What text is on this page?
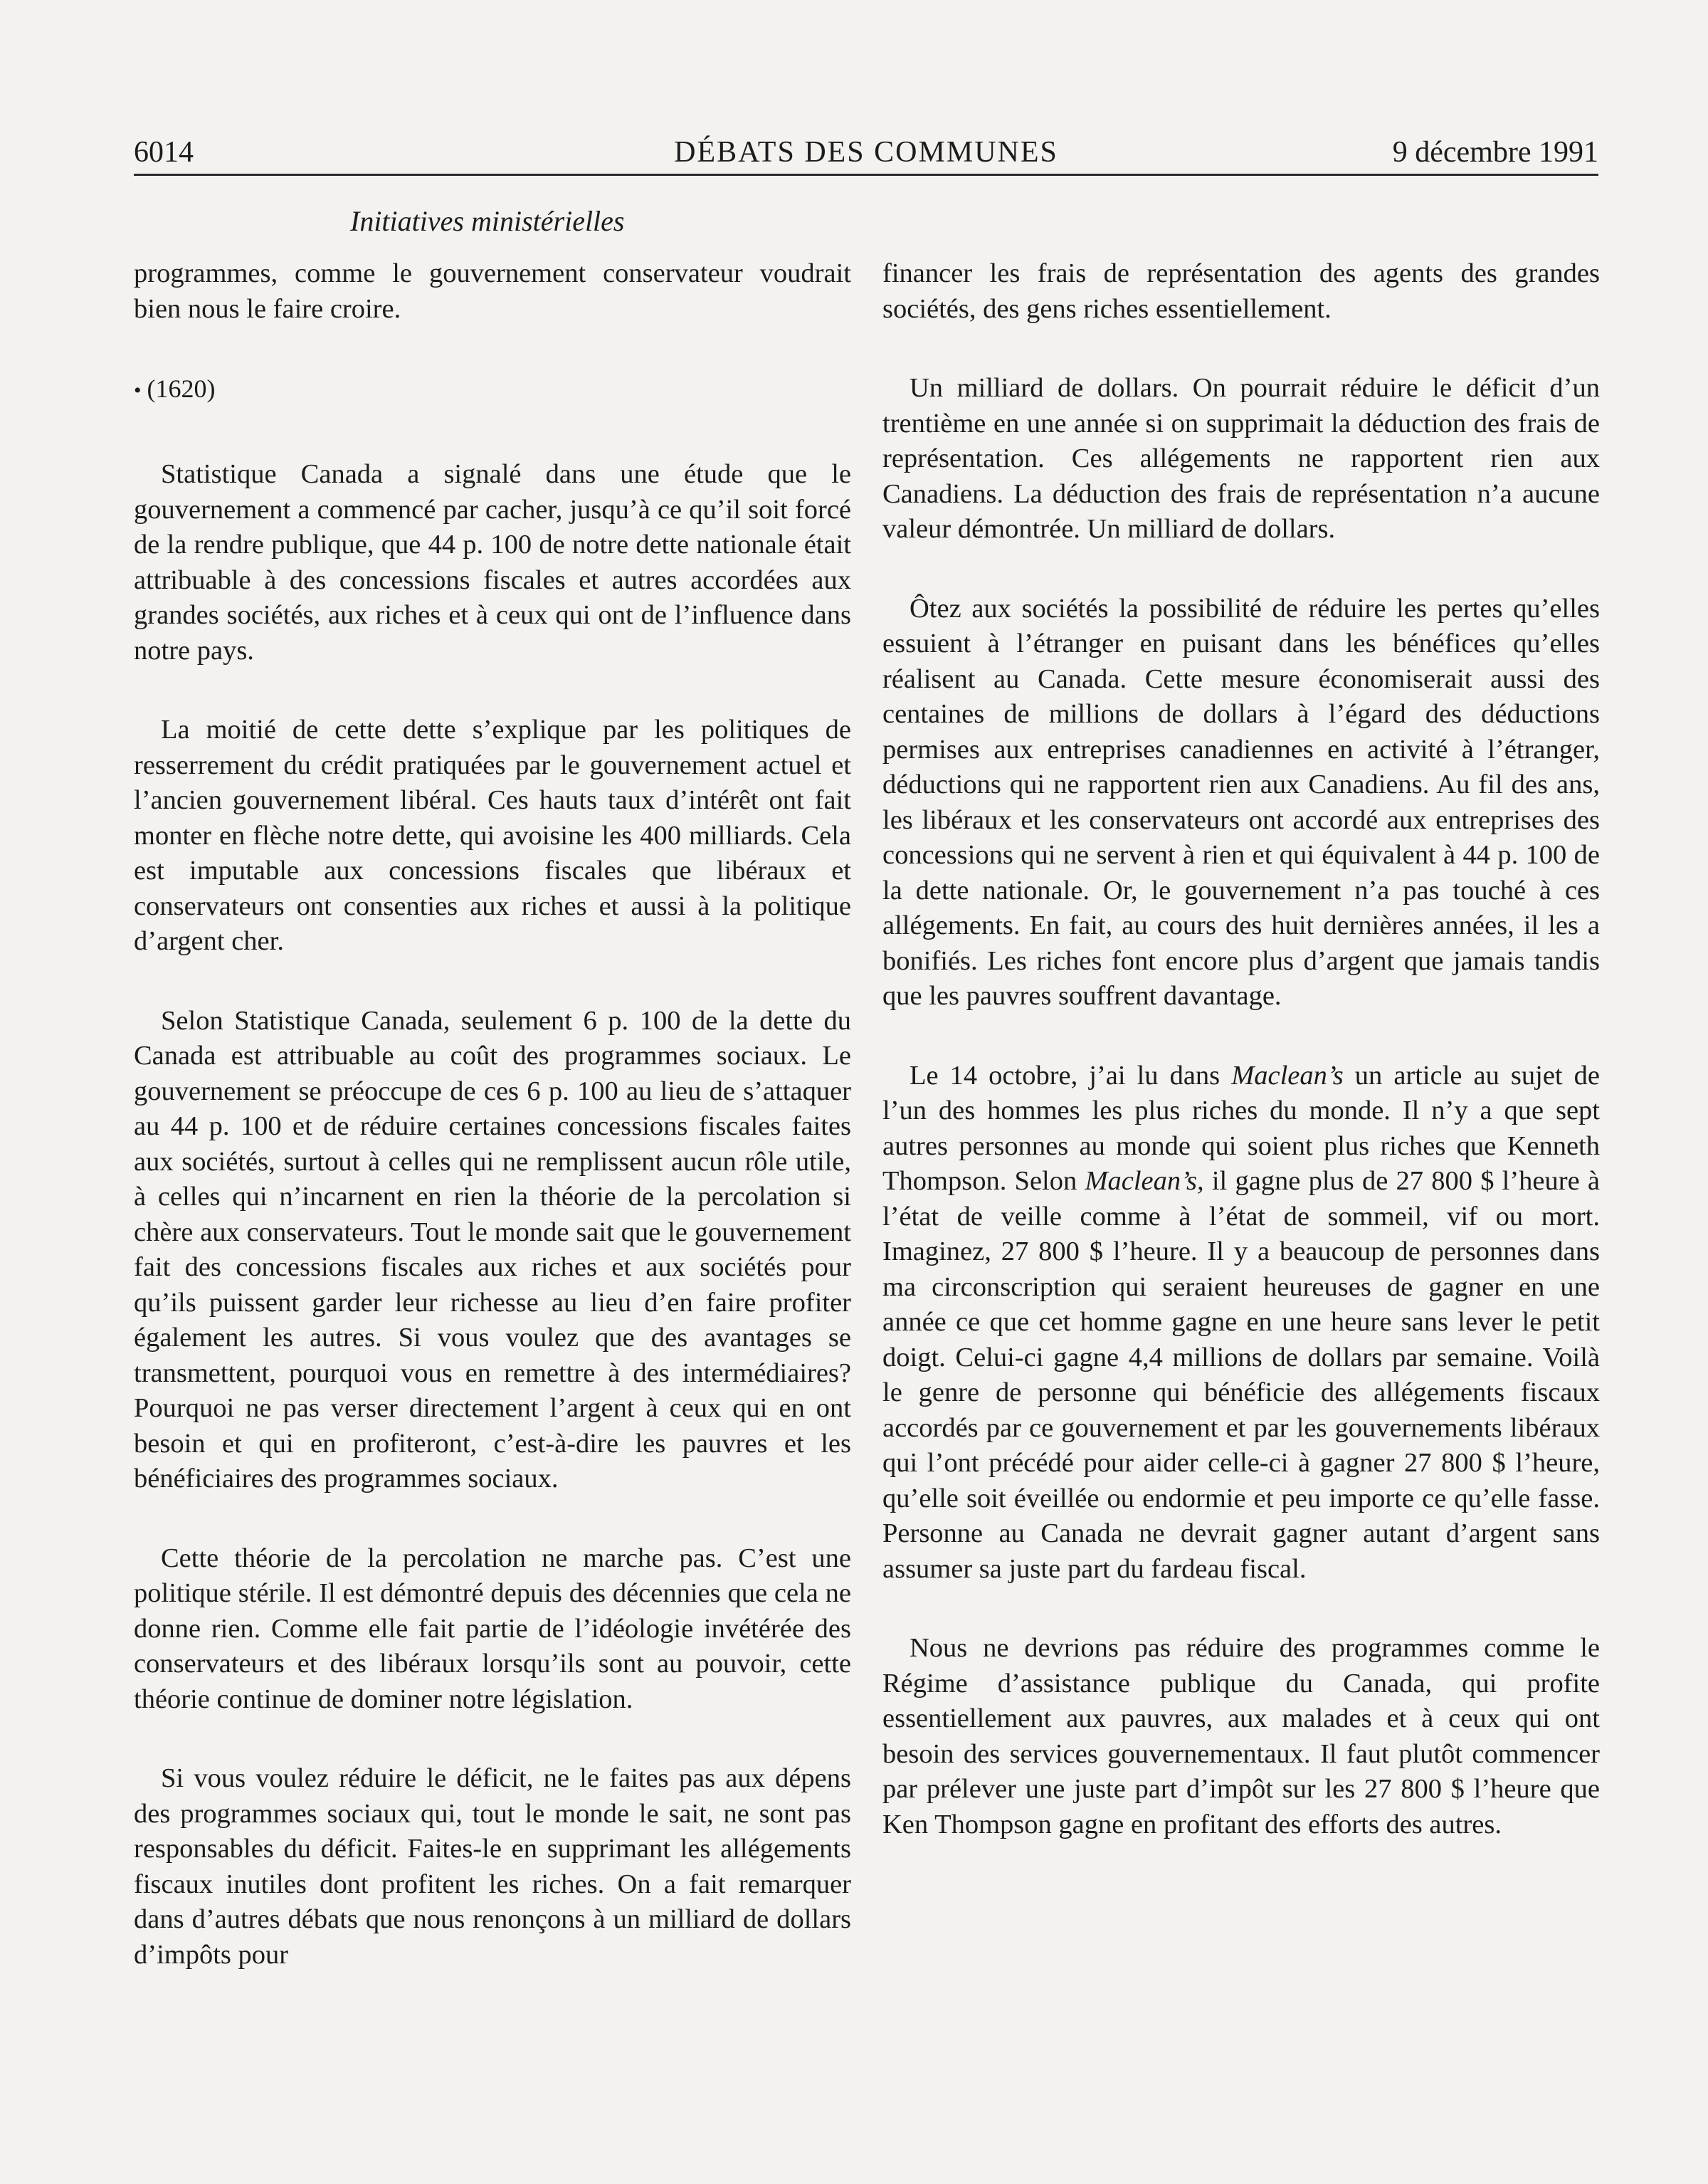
6014	DÉBATS DES COMMUNES	9 décembre 1991
Initiatives ministérielles

programmes, comme le gouvernement conservateur voudrait bien nous le faire croire.

• (1620)

Statistique Canada a signalé dans une étude que le gouvernement a commencé par cacher, jusqu’à ce qu’il soit forcé de la rendre publique, que 44 p. 100 de notre dette nationale était attribuable à des concessions fiscales et autres accordées aux grandes sociétés, aux riches et à ceux qui ont de l’influence dans notre pays.

La moitié de cette dette s’explique par les politiques de resserrement du crédit pratiquées par le gouvernement actuel et l’ancien gouvernement libéral. Ces hauts taux d’intérêt ont fait monter en flèche notre dette, qui avoisine les 400 milliards. Cela est imputable aux concessions fiscales que libéraux et conservateurs ont consenties aux riches et aussi à la politique d’argent cher.

Selon Statistique Canada, seulement 6 p. 100 de la dette du Canada est attribuable au coût des programmes sociaux. Le gouvernement se préoccupe de ces 6 p. 100 au lieu de s’attaquer au 44 p. 100 et de réduire certaines concessions fiscales faites aux sociétés, surtout à celles qui ne remplissent aucun rôle utile, à celles qui n’incarnent en rien la théorie de la percolation si chère aux conservateurs. Tout le monde sait que le gouvernement fait des concessions fiscales aux riches et aux sociétés pour qu’ils puissent garder leur richesse au lieu d’en faire profiter également les autres. Si vous voulez que des avantages se transmettent, pourquoi vous en remettre à des intermédiaires? Pourquoi ne pas verser directement l’argent à ceux qui en ont besoin et qui en profiteront, c’est-à-dire les pauvres et les bénéficiaires des programmes sociaux.

Cette théorie de la percolation ne marche pas. C’est une politique stérile. Il est démontré depuis des décennies que cela ne donne rien. Comme elle fait partie de l’idéologie invétérée des conservateurs et des libéraux lorsqu’ils sont au pouvoir, cette théorie continue de dominer notre législation.

Si vous voulez réduire le déficit, ne le faites pas aux dépens des programmes sociaux qui, tout le monde le sait, ne sont pas responsables du déficit. Faites-le en supprimant les allégements fiscaux inutiles dont profitent les riches. On a fait remarquer dans d’autres débats que nous renonçons à un milliard de dollars d’impôts pour

financer les frais de représentation des agents des grandes sociétés, des gens riches essentiellement.

Un milliard de dollars. On pourrait réduire le déficit d’un trentième en une année si on supprimait la déduction des frais de représentation. Ces allégements ne rapportent rien aux Canadiens. La déduction des frais de représentation n’a aucune valeur démontrée. Un milliard de dollars.

Ôtez aux sociétés la possibilité de réduire les pertes qu’elles essuient à l’étranger en puisant dans les bénéfices qu’elles réalisent au Canada. Cette mesure économiserait aussi des centaines de millions de dollars à l’égard des déductions permises aux entreprises canadiennes en activité à l’étranger, déductions qui ne rapportent rien aux Canadiens. Au fil des ans, les libéraux et les conservateurs ont accordé aux entreprises des concessions qui ne servent à rien et qui équivalent à 44 p. 100 de la dette nationale. Or, le gouvernement n’a pas touché à ces allégements. En fait, au cours des huit dernières années, il les a bonifiés. Les riches font encore plus d’argent que jamais tandis que les pauvres souffrent davantage.

Le 14 octobre, j’ai lu dans Maclean’s un article au sujet de l’un des hommes les plus riches du monde. Il n’y a que sept autres personnes au monde qui soient plus riches que Kenneth Thompson. Selon Maclean’s, il gagne plus de 27 800 $ l’heure à l’état de veille comme à l’état de sommeil, vif ou mort. Imaginez, 27 800 $ l’heure. Il y a beaucoup de personnes dans ma circonscription qui seraient heureuses de gagner en une année ce que cet homme gagne en une heure sans lever le petit doigt. Celui-ci gagne 4,4 millions de dollars par semaine. Voilà le genre de personne qui bénéficie des allégements fiscaux accordés par ce gouvernement et par les gouvernements libéraux qui l’ont précédé pour aider celle-ci à gagner 27 800 $ l’heure, qu’elle soit éveillée ou endormie et peu importe ce qu’elle fasse. Personne au Canada ne devrait gagner autant d’argent sans assumer sa juste part du fardeau fiscal.

Nous ne devrions pas réduire des programmes comme le Régime d’assistance publique du Canada, qui profite essentiellement aux pauvres, aux malades et à ceux qui ont besoin des services gouvernementaux. Il faut plutôt commencer par prélever une juste part d’impôt sur les 27 800 $ l’heure que Ken Thompson gagne en profitant des efforts des autres.
